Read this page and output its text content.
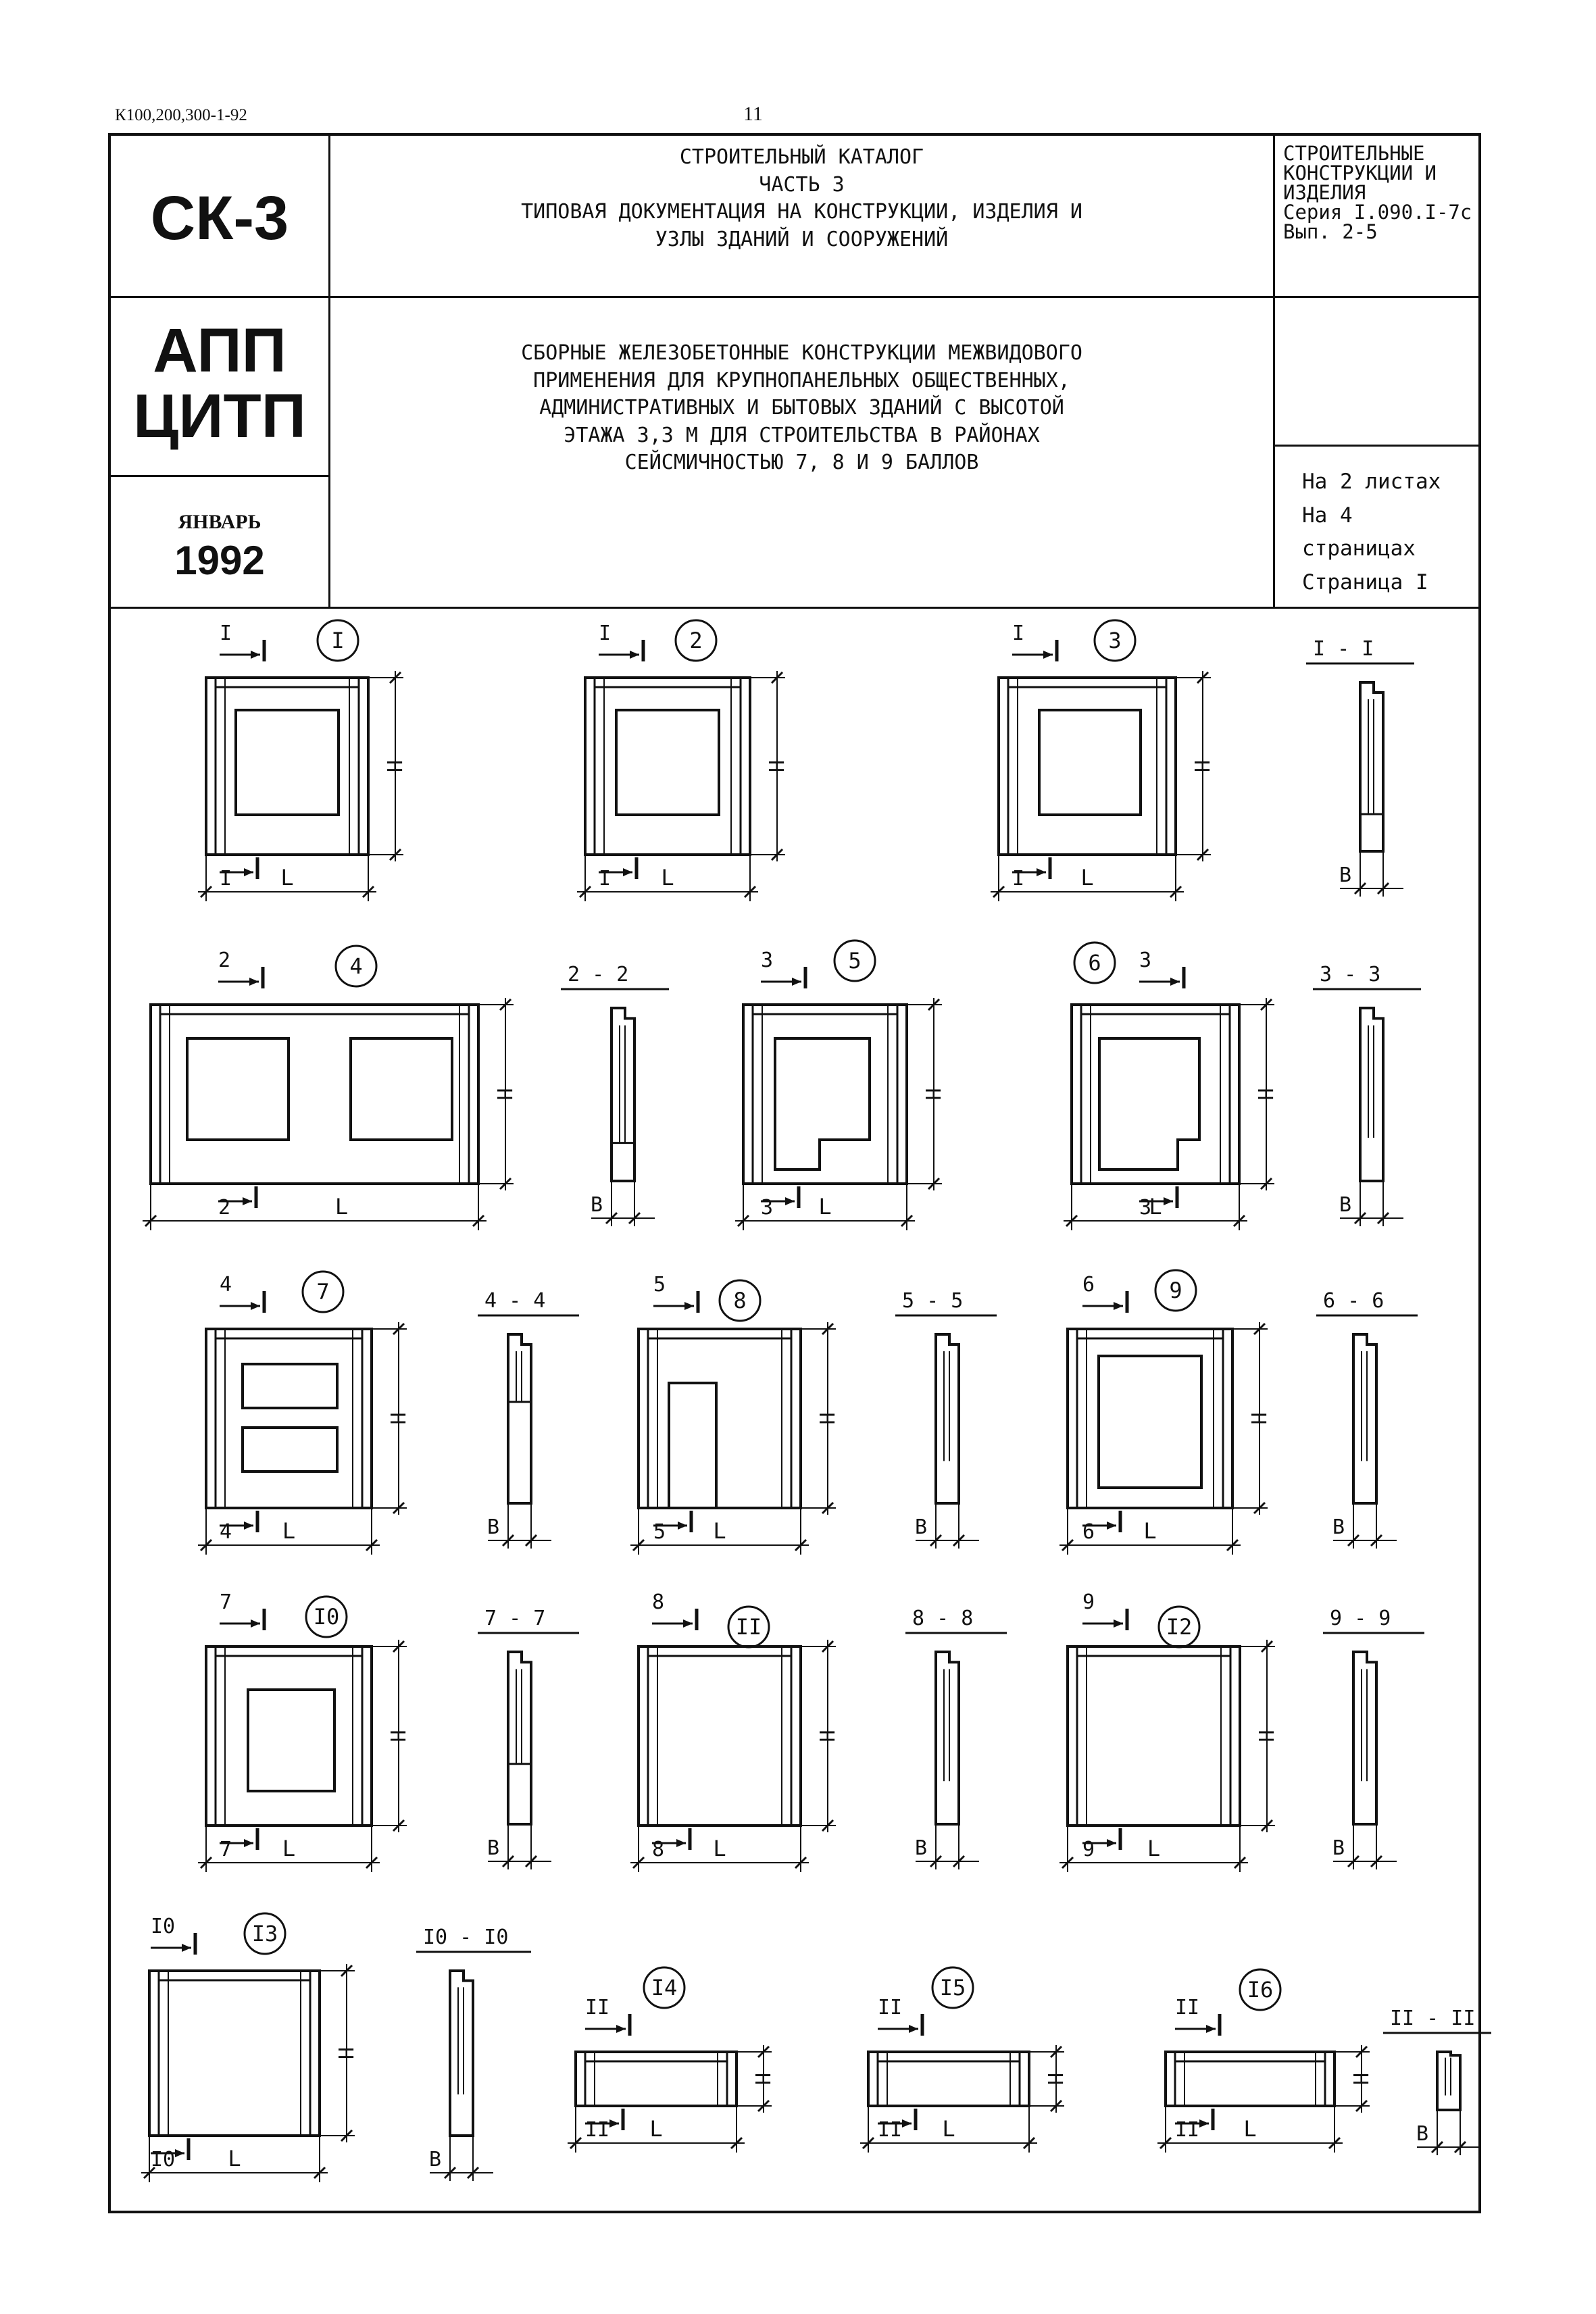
К100,200,300-1-92	11
СК-3
АПП
ЦИТП
ЯНВАРЬ
1992
СТРОИТЕЛЬНЫЙ КАТАЛОГ
ЧАСТЬ 3
ТИПОВАЯ ДОКУМЕНТАЦИЯ НА КОНСТРУКЦИИ, ИЗДЕЛИЯ И
УЗЛЫ ЗДАНИЙ И СООРУЖЕНИЙ
СБОРНЫЕ ЖЕЛЕЗОБЕТОННЫЕ КОНСТРУКЦИИ МЕЖВИДОВОГО
ПРИМЕНЕНИЯ ДЛЯ КРУПНОПАНЕЛЬНЫХ ОБЩЕСТВЕННЫХ,
АДМИНИСТРАТИВНЫХ И БЫТОВЫХ ЗДАНИЙ С ВЫСОТОЙ
ЭТАЖА 3,3 М ДЛЯ СТРОИТЕЛЬСТВА В РАЙОНАХ
СЕЙСМИЧНОСТЬЮ 7, 8 И 9 БАЛЛОВ
СТРОИТЕЛЬНЫЕ
КОНСТРУКЦИИ И
ИЗДЕЛИЯ
Серия I.090.I-7с
Вып. 2-5
На 2 листах
На 4 страницах
Страница I
H
L
I
I
I
H
L
I
I
2
H
L
I
I
3	I - I
B
H
L
2
2
4	2 - 2
B
H
L
3
3
5
H
L
3
3
6	3 - 3
B
H
L
4
4
7	4 - 4
B
H
L
5
5
8	5 - 5
B
H
L
6
6
9	6 - 6
B
H
L
7
7
I0	7 - 7
B
H
L
8
8
II	8 - 8
B
H
L
9
9
I2	9 - 9
B
H
L
I0
I0
I3	I0 - I0
B
H
L
II
II
I4
H
L
II
II
I5
H
L
II
II
I6
II - II
B
